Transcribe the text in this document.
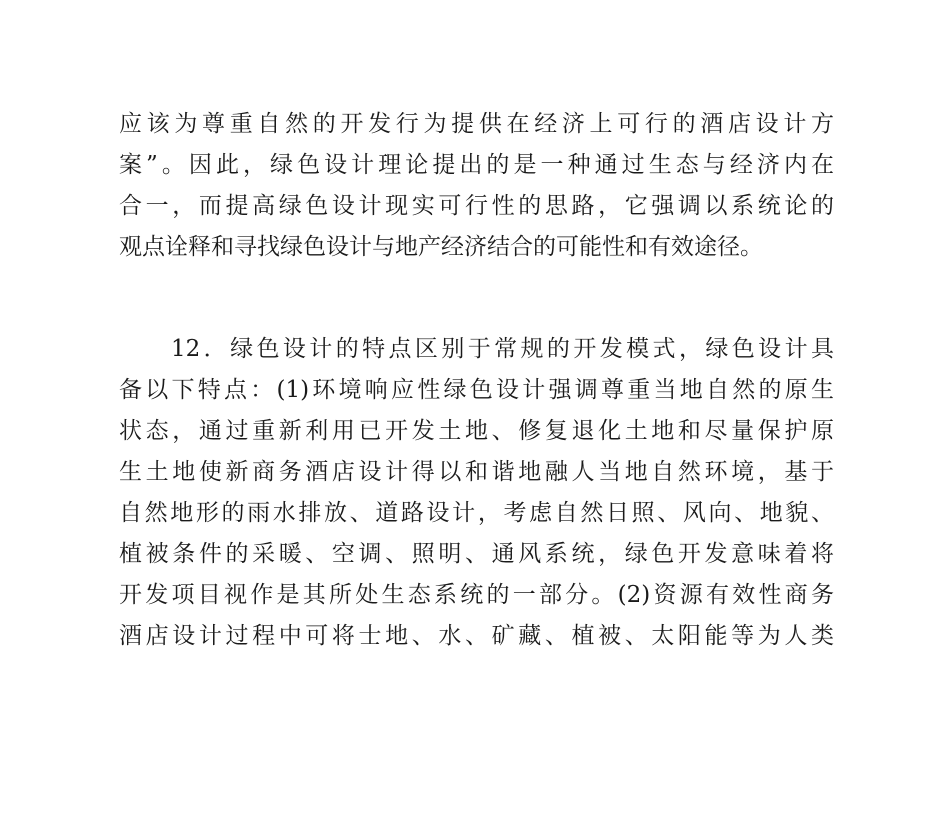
应该为尊重自然的开发行为提供在经济上可行的酒店设计方
案”。因此，绿色设计理论提出的是一种通过生态与经济内在
合一，而提高绿色设计现实可行性的思路，它强调以系统论的
观点诠释和寻找绿色设计与地产经济结合的可能性和有效途径。
12．绿色设计的特点区别于常规的开发模式，绿色设计具
备以下特点：(1)环境响应性绿色设计强调尊重当地自然的原生
状态，通过重新利用已开发土地、修复退化土地和尽量保护原
生土地使新商务酒店设计得以和谐地融人当地自然环境，基于
自然地形的雨水排放、道路设计，考虑自然日照、风向、地貌、
植被条件的采暖、空调、照明、通风系统，绿色开发意味着将
开发项目视作是其所处生态系统的一部分。(2)资源有效性商务
酒店设计过程中可将士地、水、矿藏、植被、太阳能等为人类
